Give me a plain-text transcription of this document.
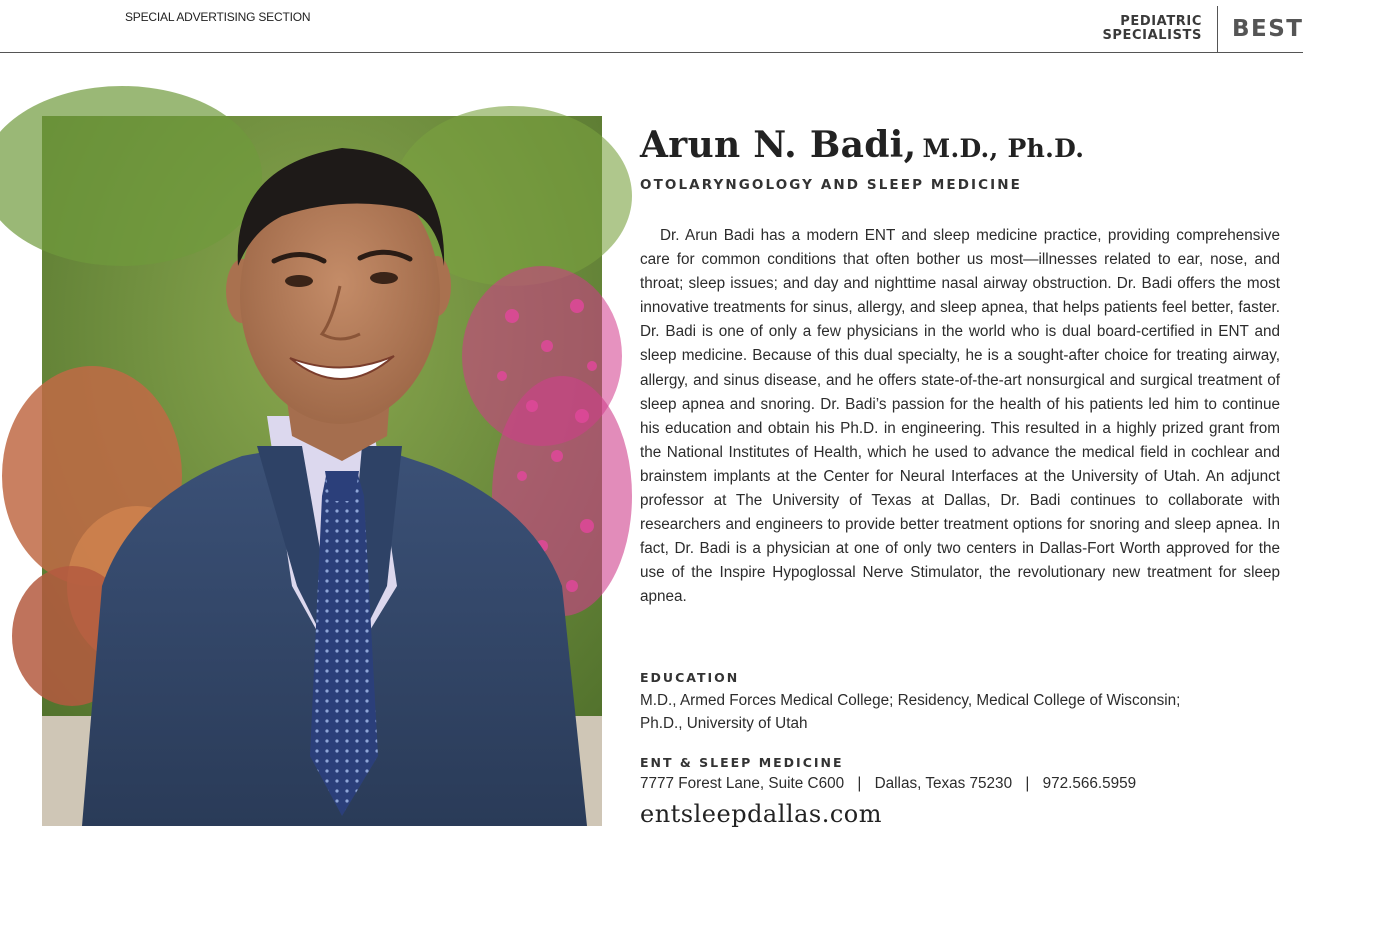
SPECIAL ADVERTISING SECTION	PEDIATRIC
SPECIALISTS BEST
VANESSA GAVALYA
Arun N. Badi, M.D., Ph.D.
OTOLARYNGOLOGY AND SLEEP MEDICINE

Dr. Arun Badi has a modern ENT and sleep medicine practice, providing comprehensive care for common conditions that often bother us most—illnesses related to ear, nose, and throat; sleep issues; and day and nighttime nasal airway obstruction. Dr. Badi offers the most innovative treatments for sinus, allergy, and sleep apnea, that helps patients feel better, faster. Dr. Badi is one of only a few physicians in the world who is dual board-certified in ENT and sleep medicine. Because of this dual specialty, he is a sought-after choice for treating airway, allergy, and sinus disease, and he offers state-of-the-art nonsurgical and surgical treatment of sleep apnea and snoring. Dr. Badi’s passion for the health of his patients led him to continue his education and obtain his Ph.D. in engineering. This resulted in a highly prized grant from the National Institutes of Health, which he used to advance the medical field in cochlear and brainstem implants at the Center for Neural Interfaces at the University of Utah. An adjunct professor at The University of Texas at Dallas, Dr. Badi continues to collaborate with researchers and engineers to provide better treatment options for snoring and sleep apnea. In fact, Dr. Badi is a physician at one of only two centers in Dallas-Fort Worth approved for the use of the Inspire Hypoglossal Nerve Stimulator, the revolutionary new treatment for sleep apnea.

EDUCATION
M.D., Armed Forces Medical College; Residency, Medical College of Wisconsin;
Ph.D., University of Utah
ENT & SLEEP MEDICINE
7777 Forest Lane, Suite C600 | Dallas, Texas 75230 | 972.566.5959
entsleepdallas.com
